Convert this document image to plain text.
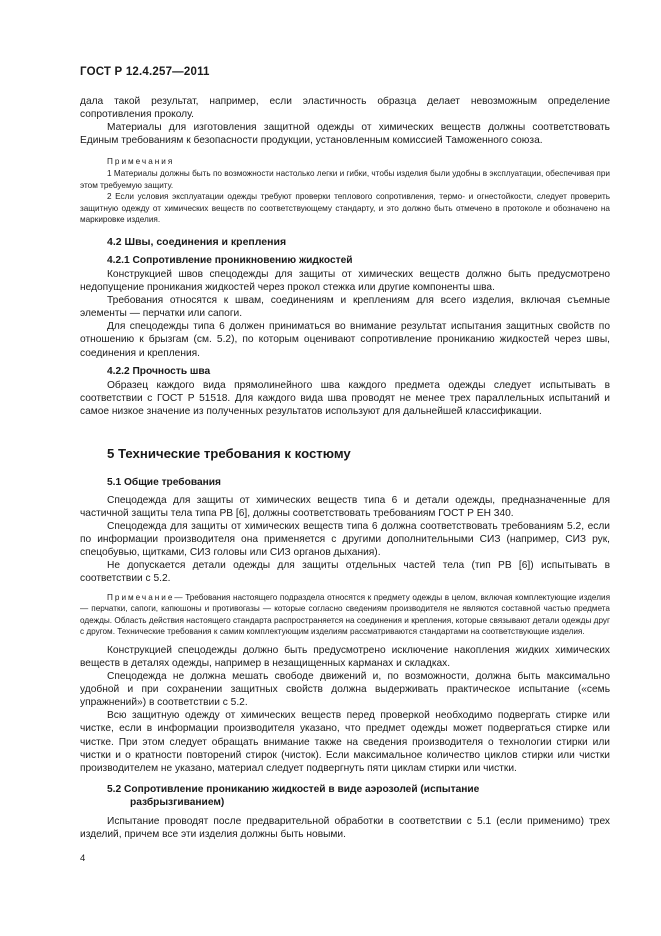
ГОСТ Р 12.4.257—2011

дала такой результат, например, если эластичность образца делает невозможным определение сопротивления проколу.

Материалы для изготовления защитной одежды от химических веществ должны соответствовать Единым требованиям к безопасности продукции, установленным комиссией Таможенного союза.

Примечания

1 Материалы должны быть по возможности настолько легки и гибки, чтобы изделия были удобны в эксплуатации, обеспечивая при этом требуемую защиту.

2 Если условия эксплуатации одежды требуют проверки теплового сопротивления, термо- и огнестойкости, следует проверить защитную одежду от химических веществ по соответствующему стандарту, и это должно быть отмечено в протоколе и обозначено на маркировке изделия.

4.2 Швы, соединения и крепления
4.2.1 Сопротивление проникновению жидкостей

Конструкцией швов спецодежды для защиты от химических веществ должно быть предусмотрено недопущение проникания жидкостей через прокол стежка или другие компоненты шва.

Требования относятся к швам, соединениям и креплениям для всего изделия, включая съемные элементы — перчатки или сапоги.

Для спецодежды типа 6 должен приниматься во внимание результат испытания защитных свойств по отношению к брызгам (см. 5.2), по которым оценивают сопротивление прониканию жидкостей через швы, соединения и крепления.

4.2.2 Прочность шва

Образец каждого вида прямолинейного шва каждого предмета одежды следует испытывать в соответствии с ГОСТ Р 51518. Для каждого вида шва проводят не менее трех параллельных испытаний и самое низкое значение из полученных результатов используют для дальнейшей классификации.

5 Технические требования к костюму
5.1 Общие требования

Спецодежда для защиты от химических веществ типа 6 и детали одежды, предназначенные для частичной защиты тела типа PB [6], должны соответствовать требованиям ГОСТ Р ЕН 340.

Спецодежда для защиты от химических веществ типа 6 должна соответствовать требованиям 5.2, если по информации производителя она применяется с другими дополнительными СИЗ (например, СИЗ рук, спецобувью, щитками, СИЗ головы или СИЗ органов дыхания).

Не допускается детали одежды для защиты отдельных частей тела (тип PB [6]) испытывать в соответствии с 5.2.

Примечание— Требования настоящего подраздела относятся к предмету одежды в целом, включая комплектующие изделия — перчатки, сапоги, капюшоны и противогазы — которые согласно сведениям производителя не являются составной частью предмета одежды. Область действия настоящего стандарта распространяется на соединения и крепления, которые связывают детали одежды друг с другом. Технические требования к самим комплектующим изделиям рассматриваются стандартами на соответствующие изделия.

Конструкцией спецодежды должно быть предусмотрено исключение накопления жидких химических веществ в деталях одежды, например в незащищенных карманах и складках.

Спецодежда не должна мешать свободе движений и, по возможности, должна быть максимально удобной и при сохранении защитных свойств должна выдерживать практическое испытание («семь упражнений») в соответствии с 5.2.

Всю защитную одежду от химических веществ перед проверкой необходимо подвергать стирке или чистке, если в информации производителя указано, что предмет одежды может подвергаться стирке или чистке. При этом следует обращать внимание также на сведения производителя о технологии стирки или чистки и о кратности повторений стирок (чисток). Если максимальное количество циклов стирки или чистки производителем не указано, материал следует подвергнуть пяти циклам стирки или чистки.

5.2 Сопротивление прониканию жидкостей в виде аэрозолей (испытание
разбрызгиванием)

Испытание проводят после предварительной обработки в соответствии с 5.1 (если применимо) трех изделий, причем все эти изделия должны быть новыми.

4
